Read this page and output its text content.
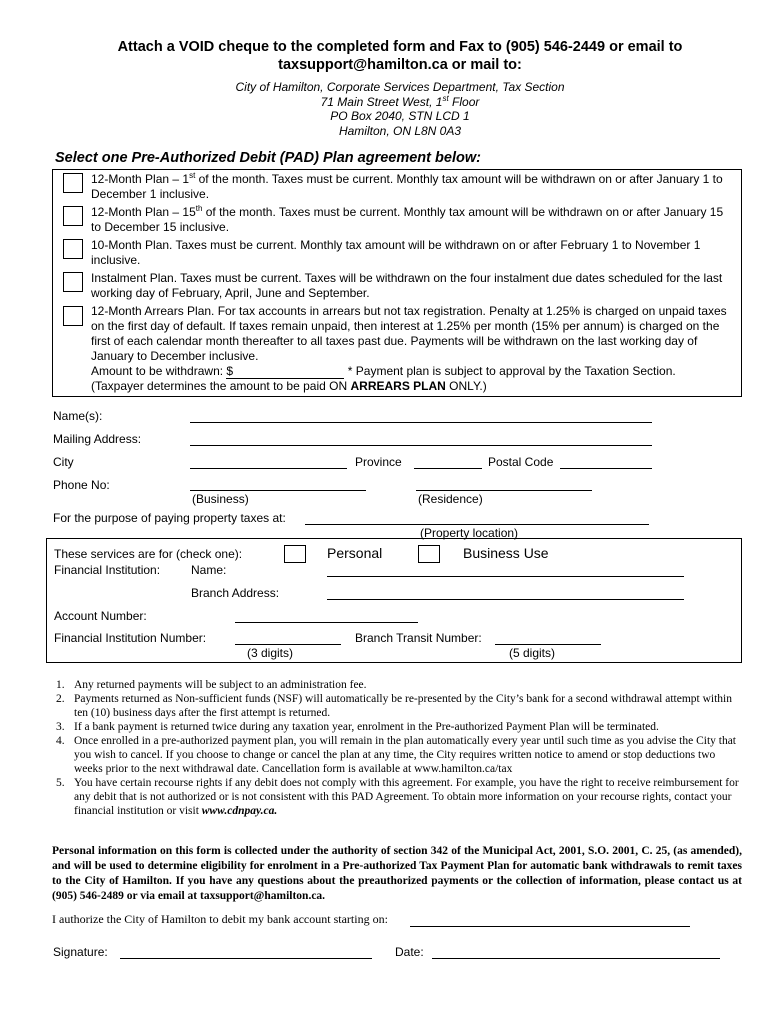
Attach a VOID cheque to the completed form and Fax to (905) 546-2449 or email to
taxsupport@hamilton.ca or mail to:
City of Hamilton, Corporate Services Department, Tax Section
71 Main Street West, 1st Floor
PO Box 2040, STN LCD 1
Hamilton, ON L8N 0A3
Select one Pre-Authorized Debit (PAD) Plan agreement below:
12-Month Plan – 1st of the month. Taxes must be current. Monthly tax amount will be withdrawn on or after January 1 to December 1 inclusive.
12-Month Plan – 15th of the month. Taxes must be current. Monthly tax amount will be withdrawn on or after January 15 to December 15 inclusive.
10-Month Plan. Taxes must be current. Monthly tax amount will be withdrawn on or after February 1 to November 1 inclusive.
Instalment Plan. Taxes must be current. Taxes will be withdrawn on the four instalment due dates scheduled for the last working day of February, April, June and September.
12-Month Arrears Plan. For tax accounts in arrears but not tax registration. Penalty at 1.25% is charged on unpaid taxes on the first day of default. If taxes remain unpaid, then interest at 1.25% per month (15% per annum) is charged on the first of each calendar month thereafter to all taxes past due. Payments will be withdrawn on the last working day of January to December inclusive.
Amount to be withdrawn: $	* Payment plan is subject to approval by the Taxation Section.
(Taxpayer determines the amount to be paid ON ARREARS PLAN ONLY.)
Name(s):
Mailing Address:
City	Province	Postal Code
Phone No:
(Business)	(Residence)
For the purpose of paying property taxes at:
(Property location)
These services are for (check one):	Personal	Business Use
Financial Institution:	Name:
Branch Address:
Account Number:
Financial Institution Number:
(3 digits)
Branch Transit Number:
(5 digits)

1. Any returned payments will be subject to an administration fee.

2. Payments returned as Non-sufficient funds (NSF) will automatically be re-presented by the City’s bank for a second withdrawal attempt within ten (10) business days after the first attempt is returned.

3. If a bank payment is returned twice during any taxation year, enrolment in the Pre-authorized Payment Plan will be terminated.

4. Once enrolled in a pre-authorized payment plan, you will remain in the plan automatically every year until such time as you advise the City that you wish to cancel. If you choose to change or cancel the plan at any time, the City requires written notice to amend or stop deductions two weeks prior to the next withdrawal date. Cancellation form is available at www.hamilton.ca/tax

5. You have certain recourse rights if any debit does not comply with this agreement. For example, you have the right to receive reimbursement for any debit that is not authorized or is not consistent with this PAD Agreement. To obtain more information on your recourse rights, contact your financial institution or visit www.cdnpay.ca.

Personal information on this form is collected under the authority of section 342 of the Municipal Act, 2001, S.O. 2001, C. 25, (as amended), and will be used to determine eligibility for enrolment in a Pre-authorized Tax Payment Plan for automatic bank withdrawals to remit taxes to the City of Hamilton. If you have any questions about the preauthorized payments or the collection of information, please contact us at (905) 546-2489 or via email at taxsupport@hamilton.ca.
I authorize the City of Hamilton to debit my bank account starting on:
Signature:	Date:
